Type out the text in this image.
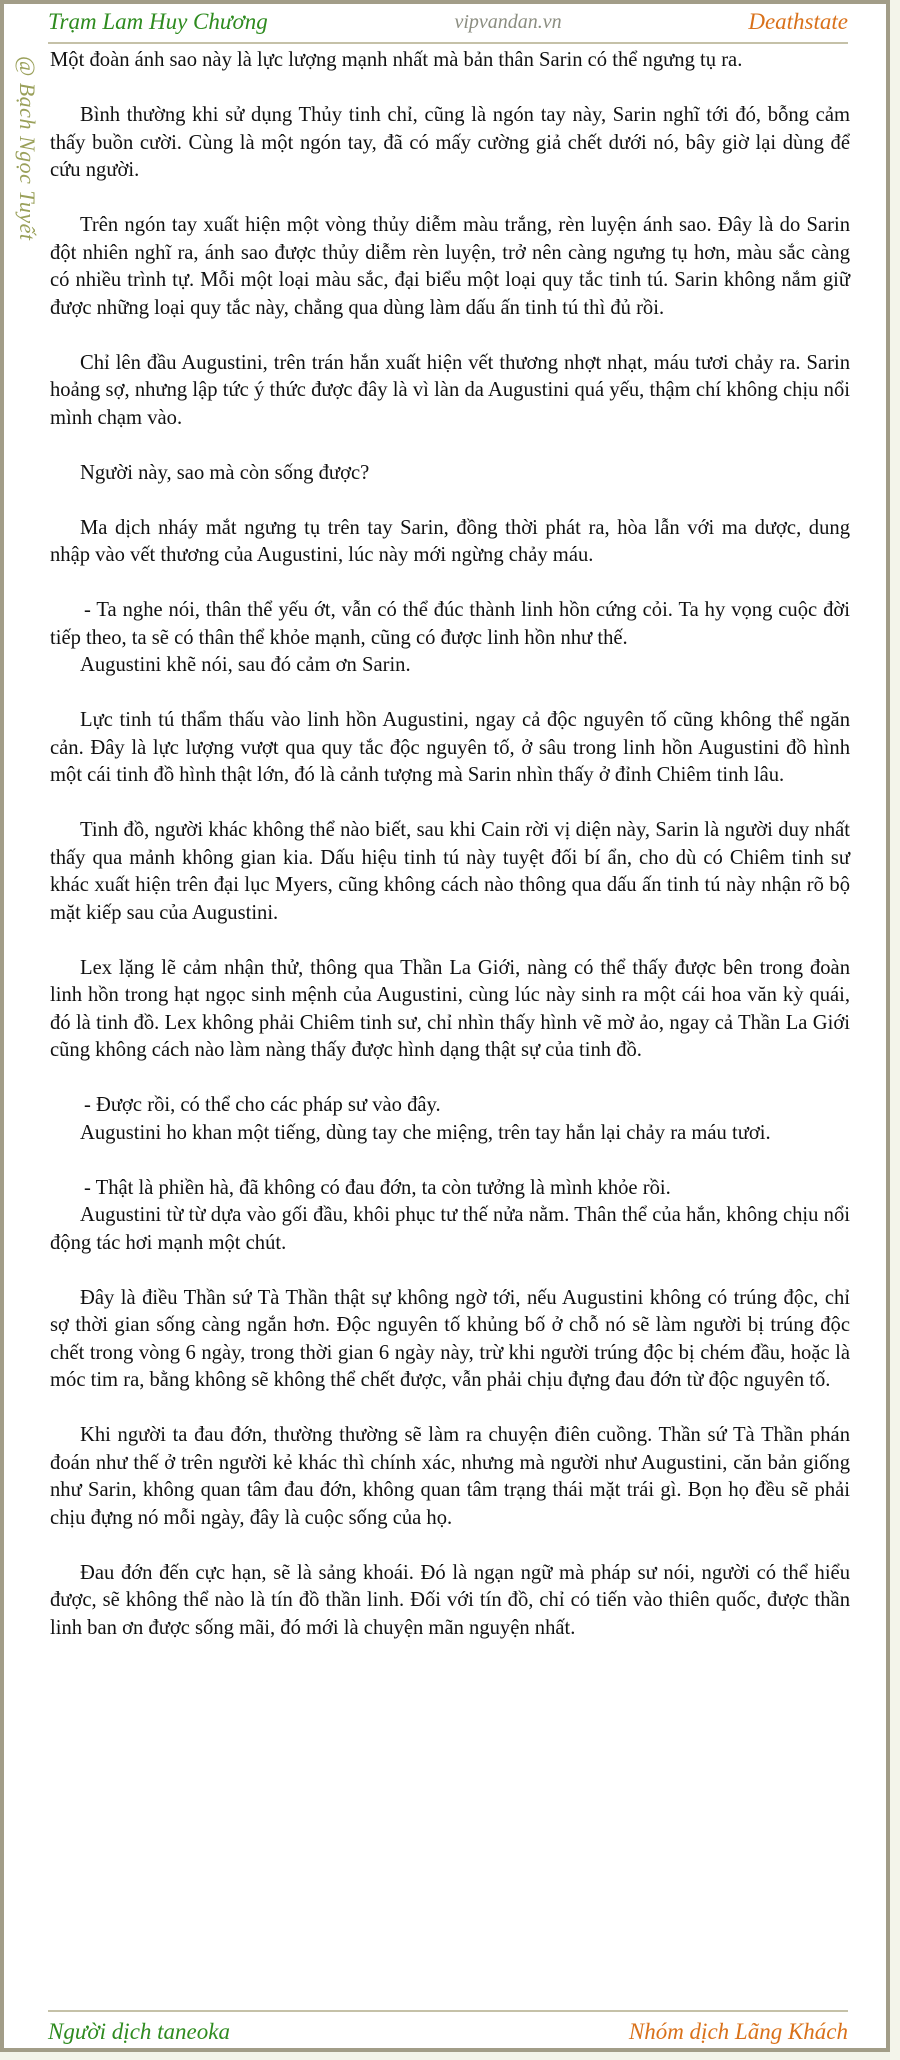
Trạm Lam Huy Chương	vipvandan.vn	Deathstate
@ Bạch Ngọc Tuyết Một đoàn ánh sao này là lực lượng mạnh nhất mà bản thân Sarin có thể ngưng tụ ra.

Bình thường khi sử dụng Thủy tinh chỉ, cũng là ngón tay này, Sarin nghĩ tới đó, bỗng cảm thấy buồn cười. Cùng là một ngón tay, đã có mấy cường giả chết dưới nó, bây giờ lại dùng để cứu người.

Trên ngón tay xuất hiện một vòng thủy diễm màu trắng, rèn luyện ánh sao. Đây là do Sarin đột nhiên nghĩ ra, ánh sao được thủy diễm rèn luyện, trở nên càng ngưng tụ hơn, màu sắc càng có nhiều trình tự. Mỗi một loại màu sắc, đại biểu một loại quy tắc tinh tú. Sarin không nắm giữ được những loại quy tắc này, chẳng qua dùng làm dấu ấn tinh tú thì đủ rồi.

Chỉ lên đầu Augustini, trên trán hắn xuất hiện vết thương nhợt nhạt, máu tươi chảy ra. Sarin hoảng sợ, nhưng lập tức ý thức được đây là vì làn da Augustini quá yếu, thậm chí không chịu nổi mình chạm vào.

Người này, sao mà còn sống được?

Ma dịch nháy mắt ngưng tụ trên tay Sarin, đồng thời phát ra, hòa lẫn với ma dược, dung nhập vào vết thương của Augustini, lúc này mới ngừng chảy máu.

- Ta nghe nói, thân thể yếu ớt, vẫn có thể đúc thành linh hồn cứng cỏi. Ta hy vọng cuộc đời tiếp theo, ta sẽ có thân thể khỏe mạnh, cũng có được linh hồn như thế.

Augustini khẽ nói, sau đó cảm ơn Sarin.

Lực tinh tú thẩm thấu vào linh hồn Augustini, ngay cả độc nguyên tố cũng không thể ngăn cản. Đây là lực lượng vượt qua quy tắc độc nguyên tố, ở sâu trong linh hồn Augustini đồ hình một cái tinh đồ hình thật lớn, đó là cảnh tượng mà Sarin nhìn thấy ở đỉnh Chiêm tinh lâu.

Tinh đồ, người khác không thể nào biết, sau khi Cain rời vị diện này, Sarin là người duy nhất thấy qua mảnh không gian kia. Dấu hiệu tinh tú này tuyệt đối bí ẩn, cho dù có Chiêm tinh sư khác xuất hiện trên đại lục Myers, cũng không cách nào thông qua dấu ấn tinh tú này nhận rõ bộ mặt kiếp sau của Augustini.

Lex lặng lẽ cảm nhận thử, thông qua Thần La Giới, nàng có thể thấy được bên trong đoàn linh hồn trong hạt ngọc sinh mệnh của Augustini, cùng lúc này sinh ra một cái hoa văn kỳ quái, đó là tinh đồ. Lex không phải Chiêm tinh sư, chỉ nhìn thấy hình vẽ mờ ảo, ngay cả Thần La Giới cũng không cách nào làm nàng thấy được hình dạng thật sự của tinh đồ.

- Được rồi, có thể cho các pháp sư vào đây.

Augustini ho khan một tiếng, dùng tay che miệng, trên tay hắn lại chảy ra máu tươi.

- Thật là phiền hà, đã không có đau đớn, ta còn tưởng là mình khỏe rồi.

Augustini từ từ dựa vào gối đầu, khôi phục tư thế nửa nằm. Thân thể của hắn, không chịu nổi động tác hơi mạnh một chút.

Đây là điều Thần sứ Tà Thần thật sự không ngờ tới, nếu Augustini không có trúng độc, chỉ sợ thời gian sống càng ngắn hơn. Độc nguyên tố khủng bố ở chỗ nó sẽ làm người bị trúng độc chết trong vòng 6 ngày, trong thời gian 6 ngày này, trừ khi người trúng độc bị chém đầu, hoặc là móc tim ra, bằng không sẽ không thể chết được, vẫn phải chịu đựng đau đớn từ độc nguyên tố.

Khi người ta đau đớn, thường thường sẽ làm ra chuyện điên cuồng. Thần sứ Tà Thần phán đoán như thế ở trên người kẻ khác thì chính xác, nhưng mà người như Augustini, căn bản giống như Sarin, không quan tâm đau đớn, không quan tâm trạng thái mặt trái gì. Bọn họ đều sẽ phải chịu đựng nó mỗi ngày, đây là cuộc sống của họ.

Đau đớn đến cực hạn, sẽ là sảng khoái. Đó là ngạn ngữ mà pháp sư nói, người có thể hiểu được, sẽ không thể nào là tín đồ thần linh. Đối với tín đồ, chỉ có tiến vào thiên quốc, được thần linh ban ơn được sống mãi, đó mới là chuyện mãn nguyện nhất.

Người dịch taneoka	Nhóm dịch Lãng Khách
